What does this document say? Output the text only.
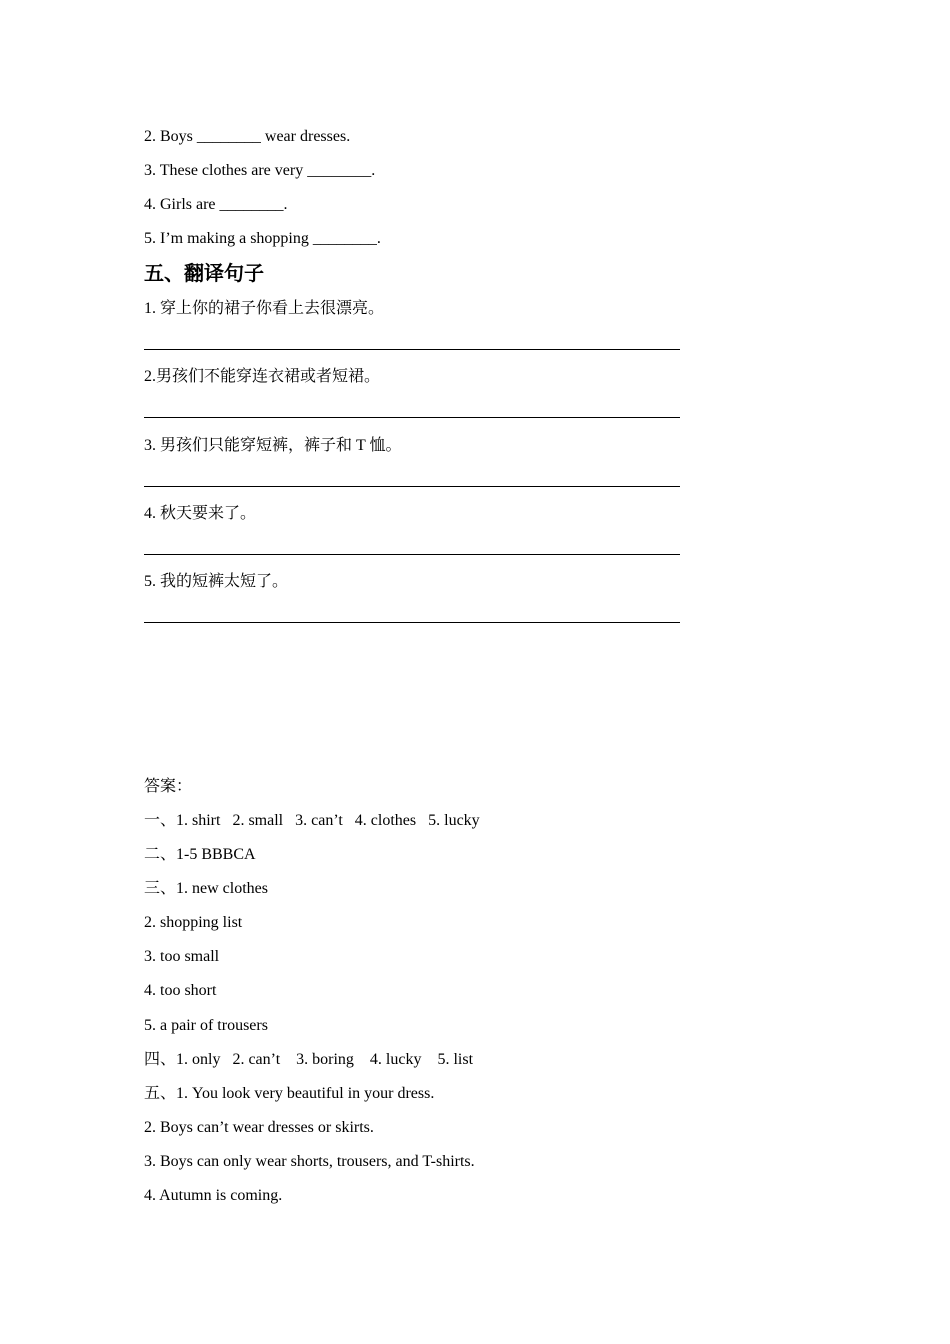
2. Boys ________ wear dresses.
3. These clothes are very ________.
4. Girls are ________.
5. I’m making a shopping ________.
五、翻译句子
1. 穿上你的裙子你看上去很漂亮。
2.男孩们不能穿连衣裙或者短裙。
3. 男孩们只能穿短裤，裤子和 T 恤。
4. 秋天要来了。
5. 我的短裤太短了。
答案：
一、1. shirt   2. small   3. can’t   4. clothes   5. lucky
二、1-5 BBBCA
三、1. new clothes
2. shopping list
3. too small
4. too short
5. a pair of trousers
四、1. only   2. can’t    3. boring    4. lucky    5. list
五、1. You look very beautiful in your dress.
2. Boys can’t wear dresses or skirts.
3. Boys can only wear shorts, trousers, and T-shirts.
4. Autumn is coming.
